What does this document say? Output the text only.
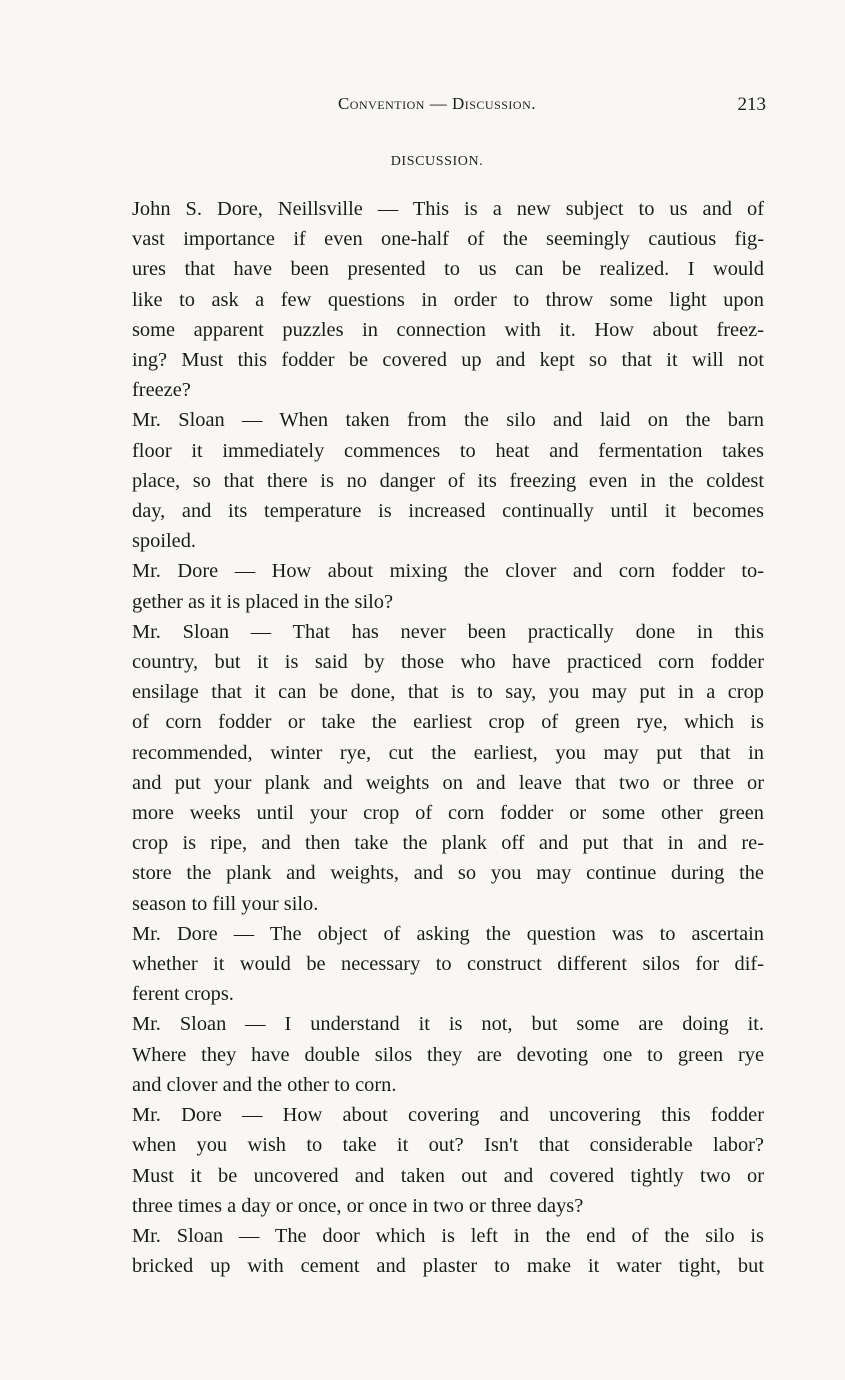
Convention — Discussion.	213
DISCUSSION.

John S. Dore, Neillsville — This is a new subject to us and of
vast importance if even one-half of the seemingly cautious fig-
ures that have been presented to us can be realized. I would
like to ask a few questions in order to throw some light upon
some apparent puzzles in connection with it. How about freez-
ing? Must this fodder be covered up and kept so that it will not
freeze?

Mr. Sloan — When taken from the silo and laid on the barn
floor it immediately commences to heat and fermentation takes
place, so that there is no danger of its freezing even in the coldest
day, and its temperature is increased continually until it becomes
spoiled.

Mr. Dore — How about mixing the clover and corn fodder to-
gether as it is placed in the silo?

Mr. Sloan — That has never been practically done in this
country, but it is said by those who have practiced corn fodder
ensilage that it can be done, that is to say, you may put in a crop
of corn fodder or take the earliest crop of green rye, which is
recommended, winter rye, cut the earliest, you may put that in
and put your plank and weights on and leave that two or three or
more weeks until your crop of corn fodder or some other green
crop is ripe, and then take the plank off and put that in and re-
store the plank and weights, and so you may continue during the
season to fill your silo.

Mr. Dore — The object of asking the question was to ascertain
whether it would be necessary to construct different silos for dif-
ferent crops.

Mr. Sloan — I understand it is not, but some are doing it.
Where they have double silos they are devoting one to green rye
and clover and the other to corn.

Mr. Dore — How about covering and uncovering this fodder
when you wish to take it out? Isn't that considerable labor?
Must it be uncovered and taken out and covered tightly two or
three times a day or once, or once in two or three days?

Mr. Sloan — The door which is left in the end of the silo is
bricked up with cement and plaster to make it water tight, but
